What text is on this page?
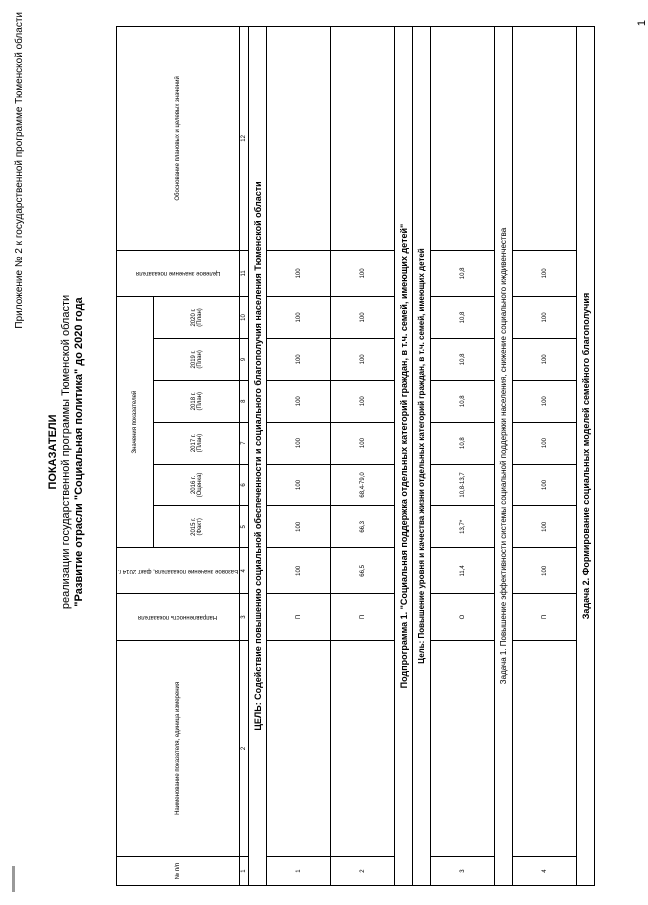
Приложение № 2 к государственной программе Тюменской области
ПОКАЗАТЕЛИ реализации государственной программы Тюменской области "Развитие отрасли "Социальная политика" до 2020 года
№ п/п	Наименование показателя, единица измерения	Направленность показателя	Базовое значение показателя, факт 2014 г.	Значения показателей						Целевое значение показателя	Обоснование плановых и целевых значений
				2015 г. (Факт)	2016 г. (Оценка)	2017 г. (План)	2018 г. (План)	2019 г. (План)	2020 г. (План)		
1	2	3	4	5	6	7	8	9	10	11	12
ЦЕЛЬ: Содействие повышению социальной обеспеченности и социального благополучия населения Тюменской области											
1		П	100	100	100	100	100	100	100	100	
2		П	66,5	66,3	68,4-79,0	100	100	100	100	100	
Подпрограмма 1. "Социальная поддержка отдельных категорий граждан, в т.ч. семей, имеющих детей"											
Цель: Повышение уровня и качества жизни отдельных категорий граждан, в т.ч. семей, имеющих детей											
3		О	11,4	13,7*	10,8-13,7	10,8	10,8	10,8	10,8	10,8	
Задача 1. Повышение эффективности системы социальной поддержки населения, снижение социального иждивенчества											
4		П	100	100	100	100	100	100	100	100	
Задача 2. Формирование социальных моделей семейного благополучия											
1
